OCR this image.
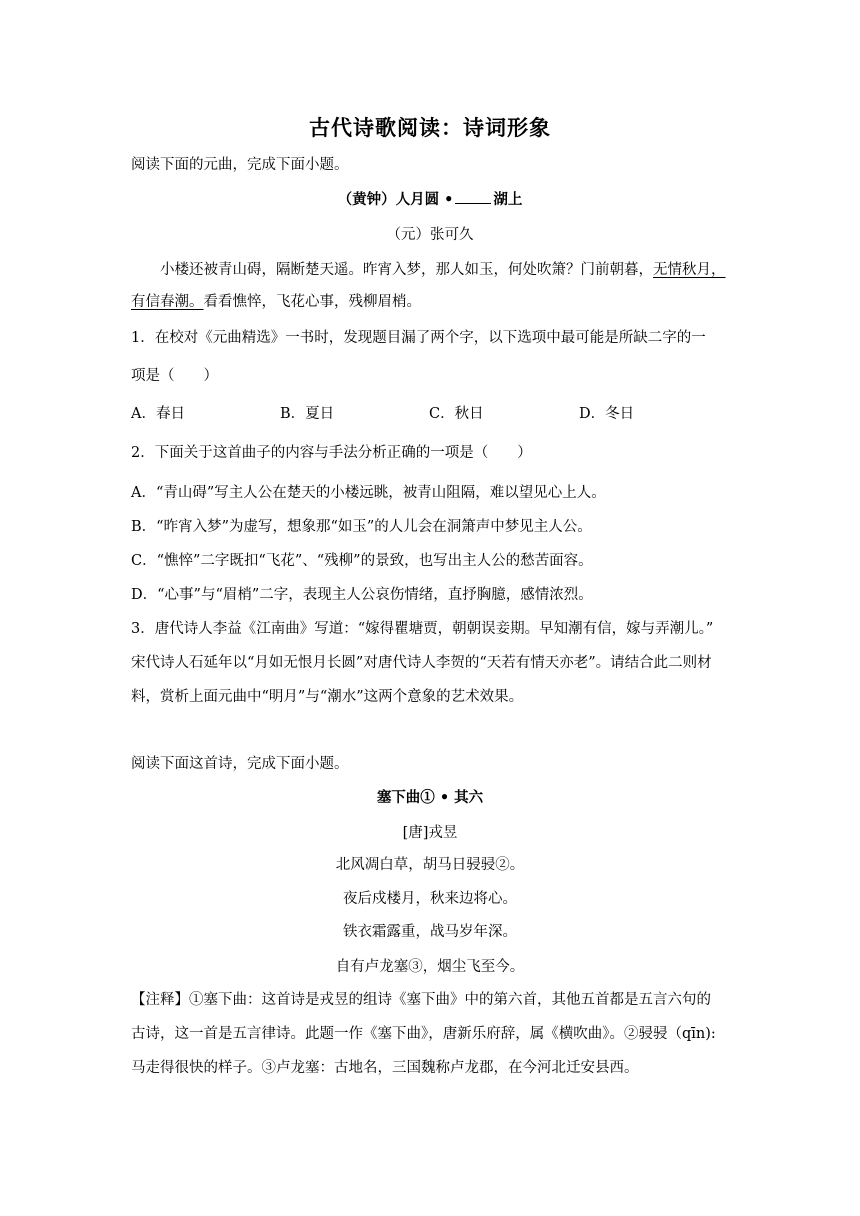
古代诗歌阅读：诗词形象
阅读下面的元曲，完成下面小题。
（黄钟）人月圆 •	湖上
（元）张可久
小楼还被青山碍，隔断楚天遥。昨宵入梦，那人如玉，何处吹箫？门前朝暮，无情秋月，
有信春潮。看看憔悴，飞花心事，残柳眉梢。
1．在校对《元曲精选》一书时，发现题目漏了两个字，以下选项中最可能是所缺二字的一
项是（　　）
A．春日	B．夏日	C．秋日	D．冬日
2．下面关于这首曲子的内容与手法分析正确的一项是（　　）
A．“青山碍”写主人公在楚天的小楼远眺，被青山阻隔，难以望见心上人。
B．“昨宵入梦”为虚写，想象那“如玉”的人儿会在洞箫声中梦见主人公。
C．“憔悴”二字既扣“飞花”、“残柳”的景致，也写出主人公的愁苦面容。
D．“心事”与“眉梢”二字，表现主人公哀伤情绪，直抒胸臆，感情浓烈。
3．唐代诗人李益《江南曲》写道：“嫁得瞿塘贾，朝朝误妾期。早知潮有信，嫁与弄潮儿。”
宋代诗人石延年以“月如无恨月长圆”对唐代诗人李贺的“天若有情天亦老”。请结合此二则材
料，赏析上面元曲中“明月”与“潮水”这两个意象的艺术效果。
阅读下面这首诗，完成下面小题。
塞下曲① • 其六
[唐]戎昱
北风凋白草，胡马日骎骎②。
夜后戍楼月，秋来边将心。
铁衣霜露重，战马岁年深。
自有卢龙塞③，烟尘飞至今。
【注释】①塞下曲：这首诗是戎昱的组诗《塞下曲》中的第六首，其他五首都是五言六句的
古诗，这一首是五言律诗。此题一作《塞下曲》，唐新乐府辞，属《横吹曲》。②骎骎（qīn):
马走得很快的样子。③卢龙塞：古地名，三国魏称卢龙郡，在今河北迁安县西。
